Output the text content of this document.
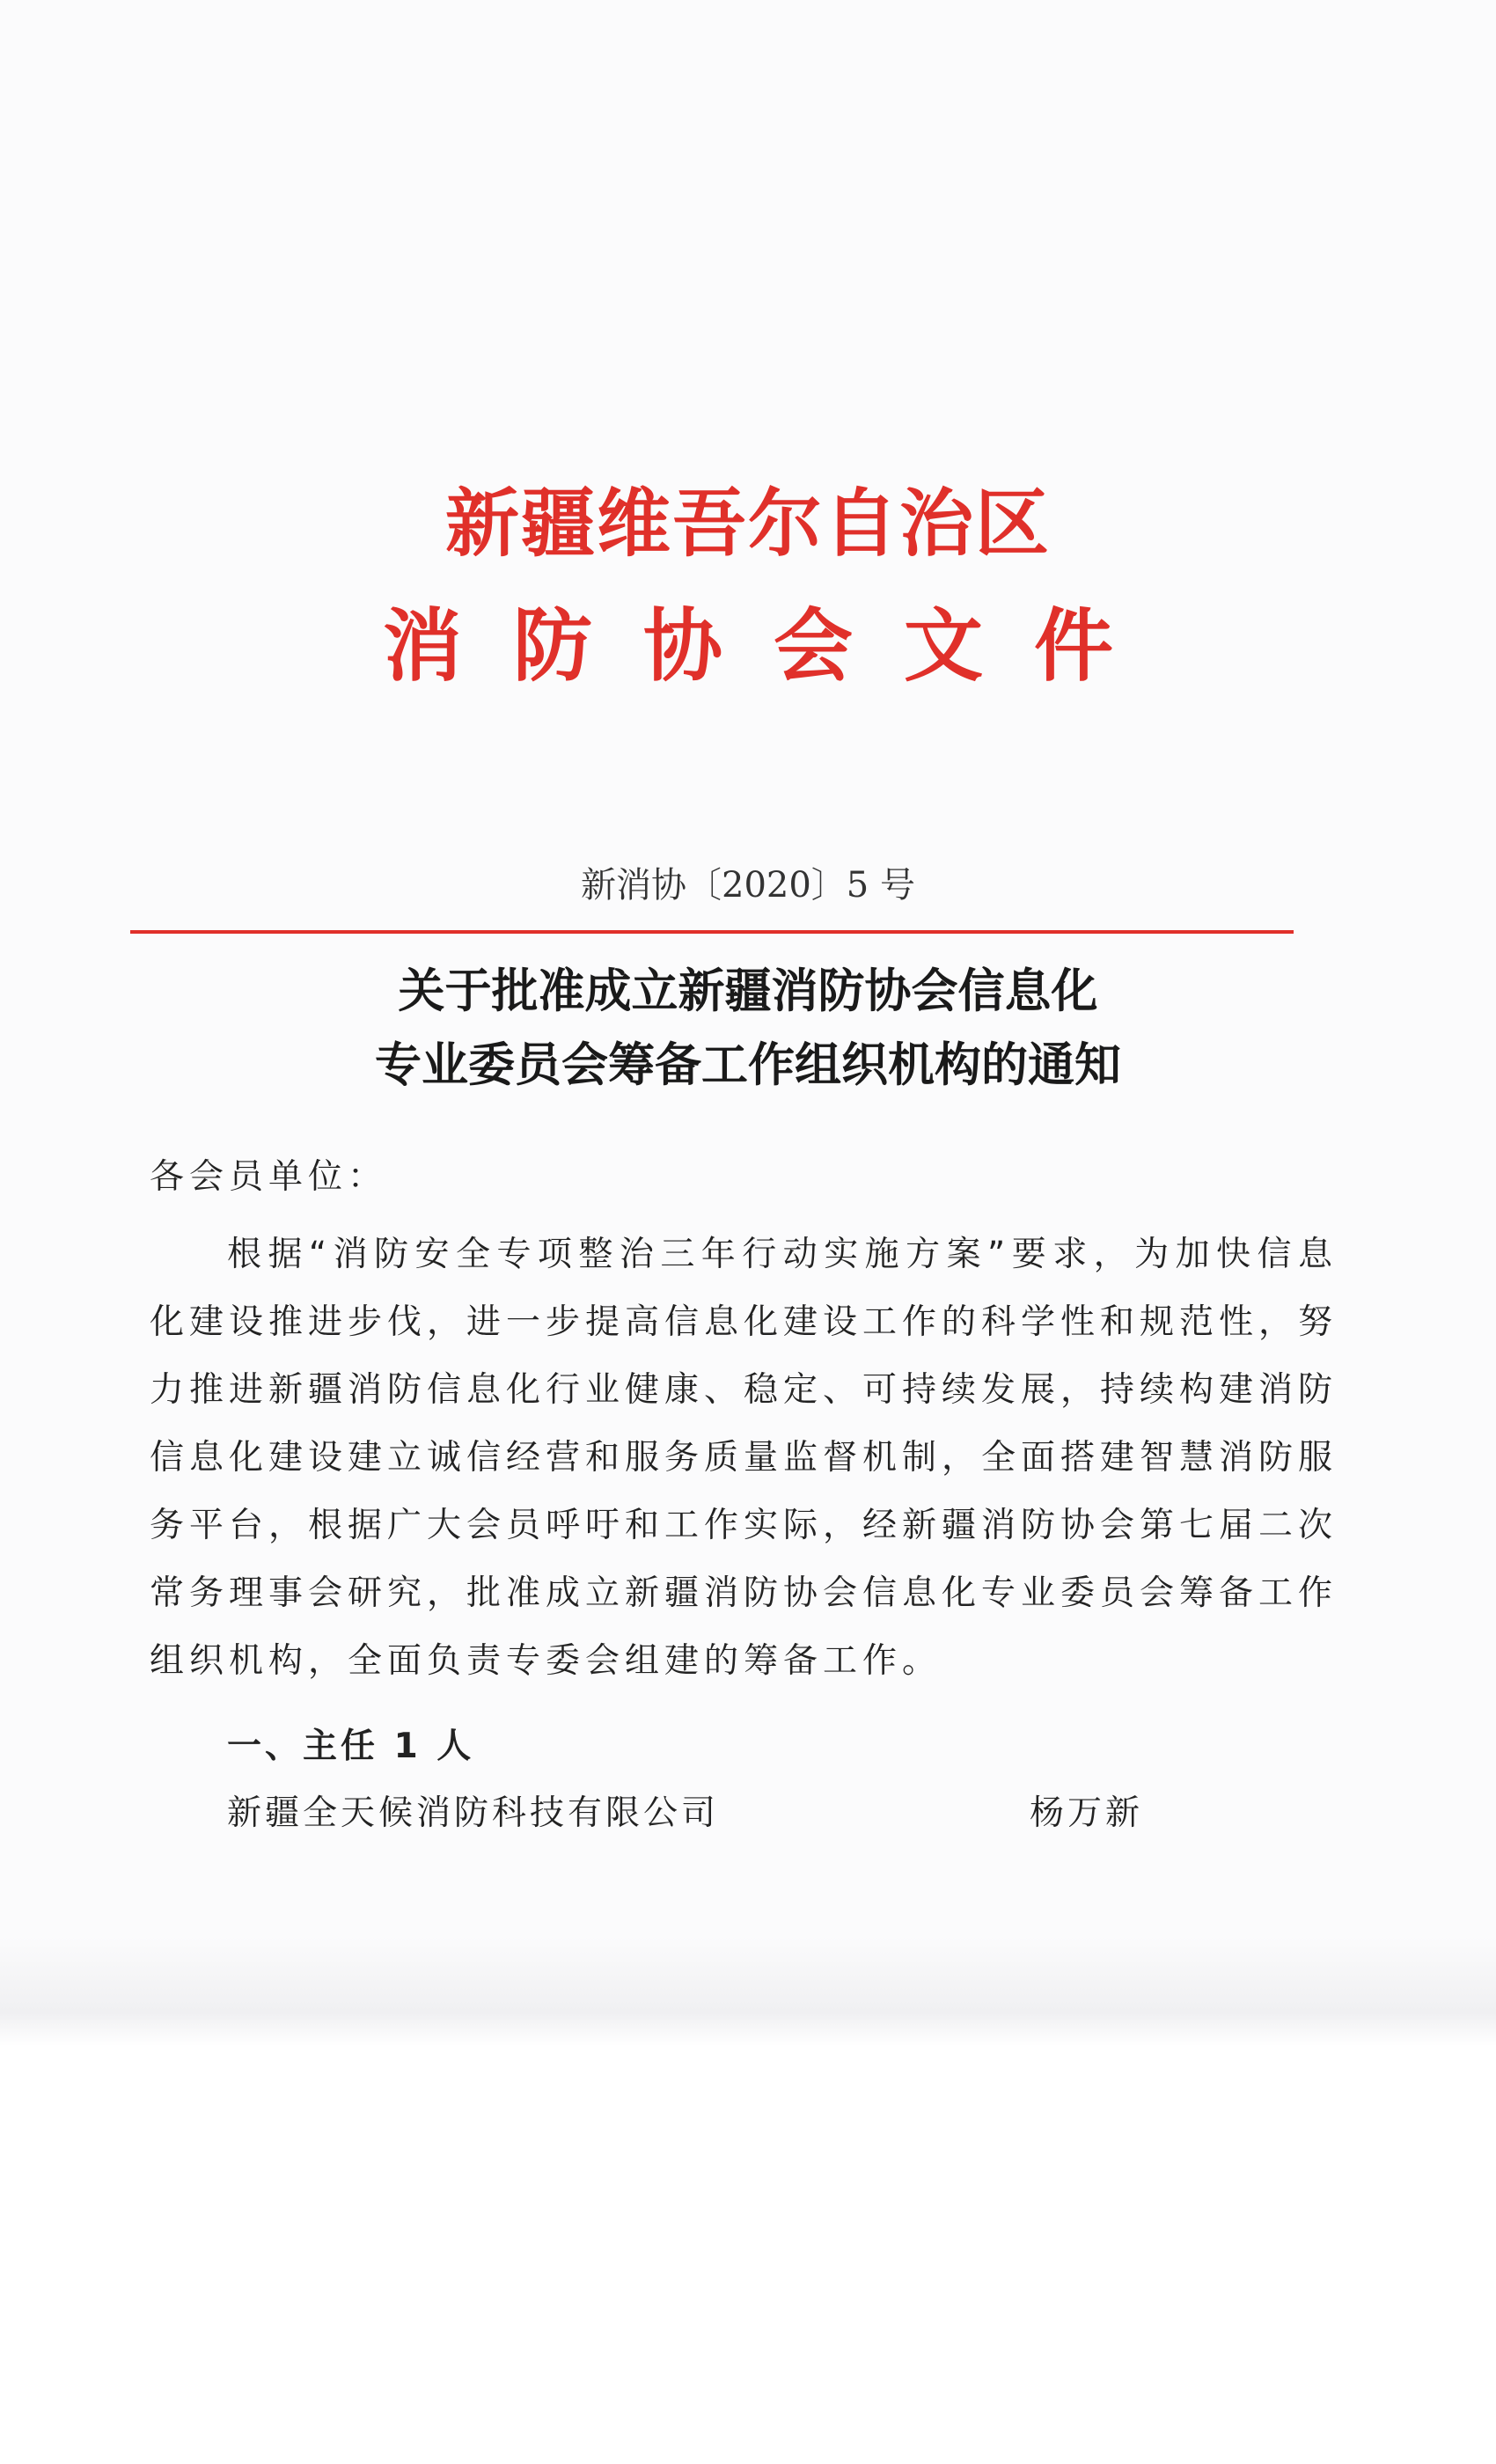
新疆维吾尔自治区
消防协会文件
新消协〔2020〕5 号
关于批准成立新疆消防协会信息化
专业委员会筹备工作组织机构的通知

各会员单位：

根据“消防安全专项整治三年行动实施方案”要求，为加快信息化建设推进步伐，进一步提高信息化建设工作的科学性和规范性，努力推进新疆消防信息化行业健康、稳定、可持续发展，持续构建消防信息化建设建立诚信经营和服务质量监督机制，全面搭建智慧消防服务平台，根据广大会员呼吁和工作实际，经新疆消防协会第七届二次常务理事会研究，批准成立新疆消防协会信息化专业委员会筹备工作组织机构，全面负责专委会组建的筹备工作。

一、主任 1 人

新疆全天候消防科技有限公司	杨万新
